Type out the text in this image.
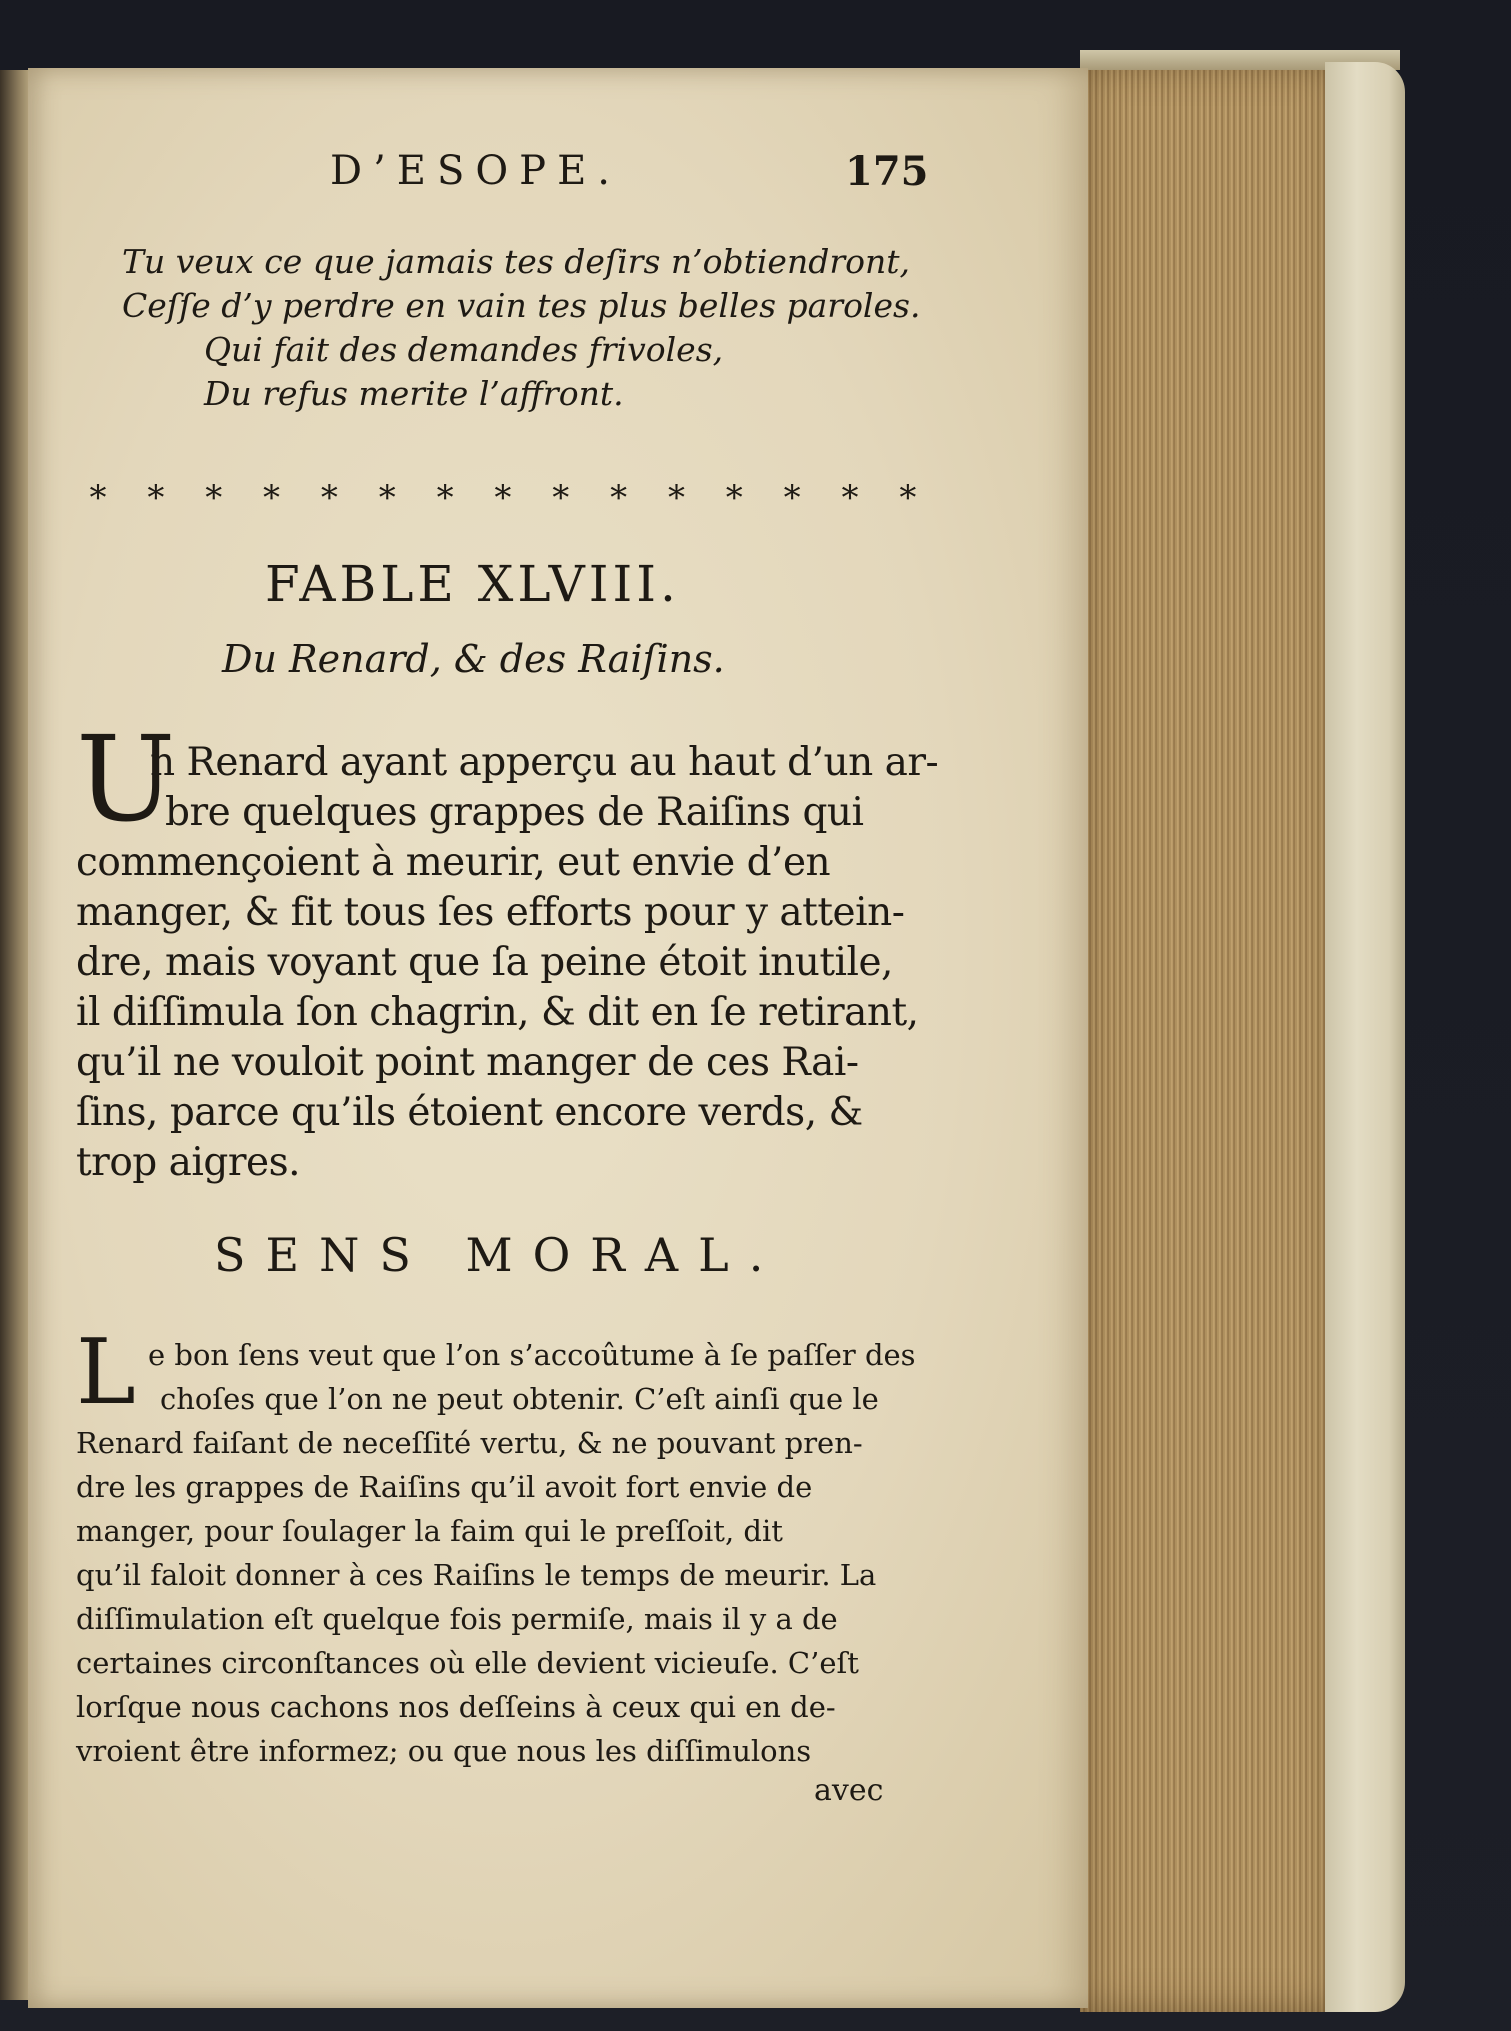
D’ESOPE.	175
Tu veux ce que jamais tes deſirs n’obtiendront,
Ceſſe d’y perdre en vain tes plus belles paroles.
Qui fait des demandes frivoles,
Du refus merite l’affront.
*	*	*	*	*	*	*	*	*	*	*	*	*	*	*
FABLE XLVIII.
Du Renard, & des Raiſins.
U
n Renard ayant apperçu au haut d’un ar-
bre quelques grappes de Raiſins qui
commençoient à meurir, eut envie d’en
manger, & fit tous ſes efforts pour y attein-
dre, mais voyant que ſa peine étoit inutile,
il diſſimula ſon chagrin, & dit en ſe retirant,
qu’il ne vouloit point manger de ces Rai-
ſins, parce qu’ils étoient encore verds, &
trop aigres.
SENS MORAL.
L e bon ſens veut que l’on s’accoûtume à ſe paſſer des
choſes que l’on ne peut obtenir. C’eſt ainſi que le
Renard faiſant de neceſſité vertu, & ne pouvant pren-
dre les grappes de Raiſins qu’il avoit fort envie de
manger, pour ſoulager la faim qui le preſſoit, dit
qu’il faloit donner à ces Raiſins le temps de meurir. La
diſſimulation eſt quelque fois permiſe, mais il y a de
certaines circonſtances où elle devient vicieuſe. C’eſt
lorſque nous cachons nos deſſeins à ceux qui en de-
vroient être informez; ou que nous les diſſimulons
avec
